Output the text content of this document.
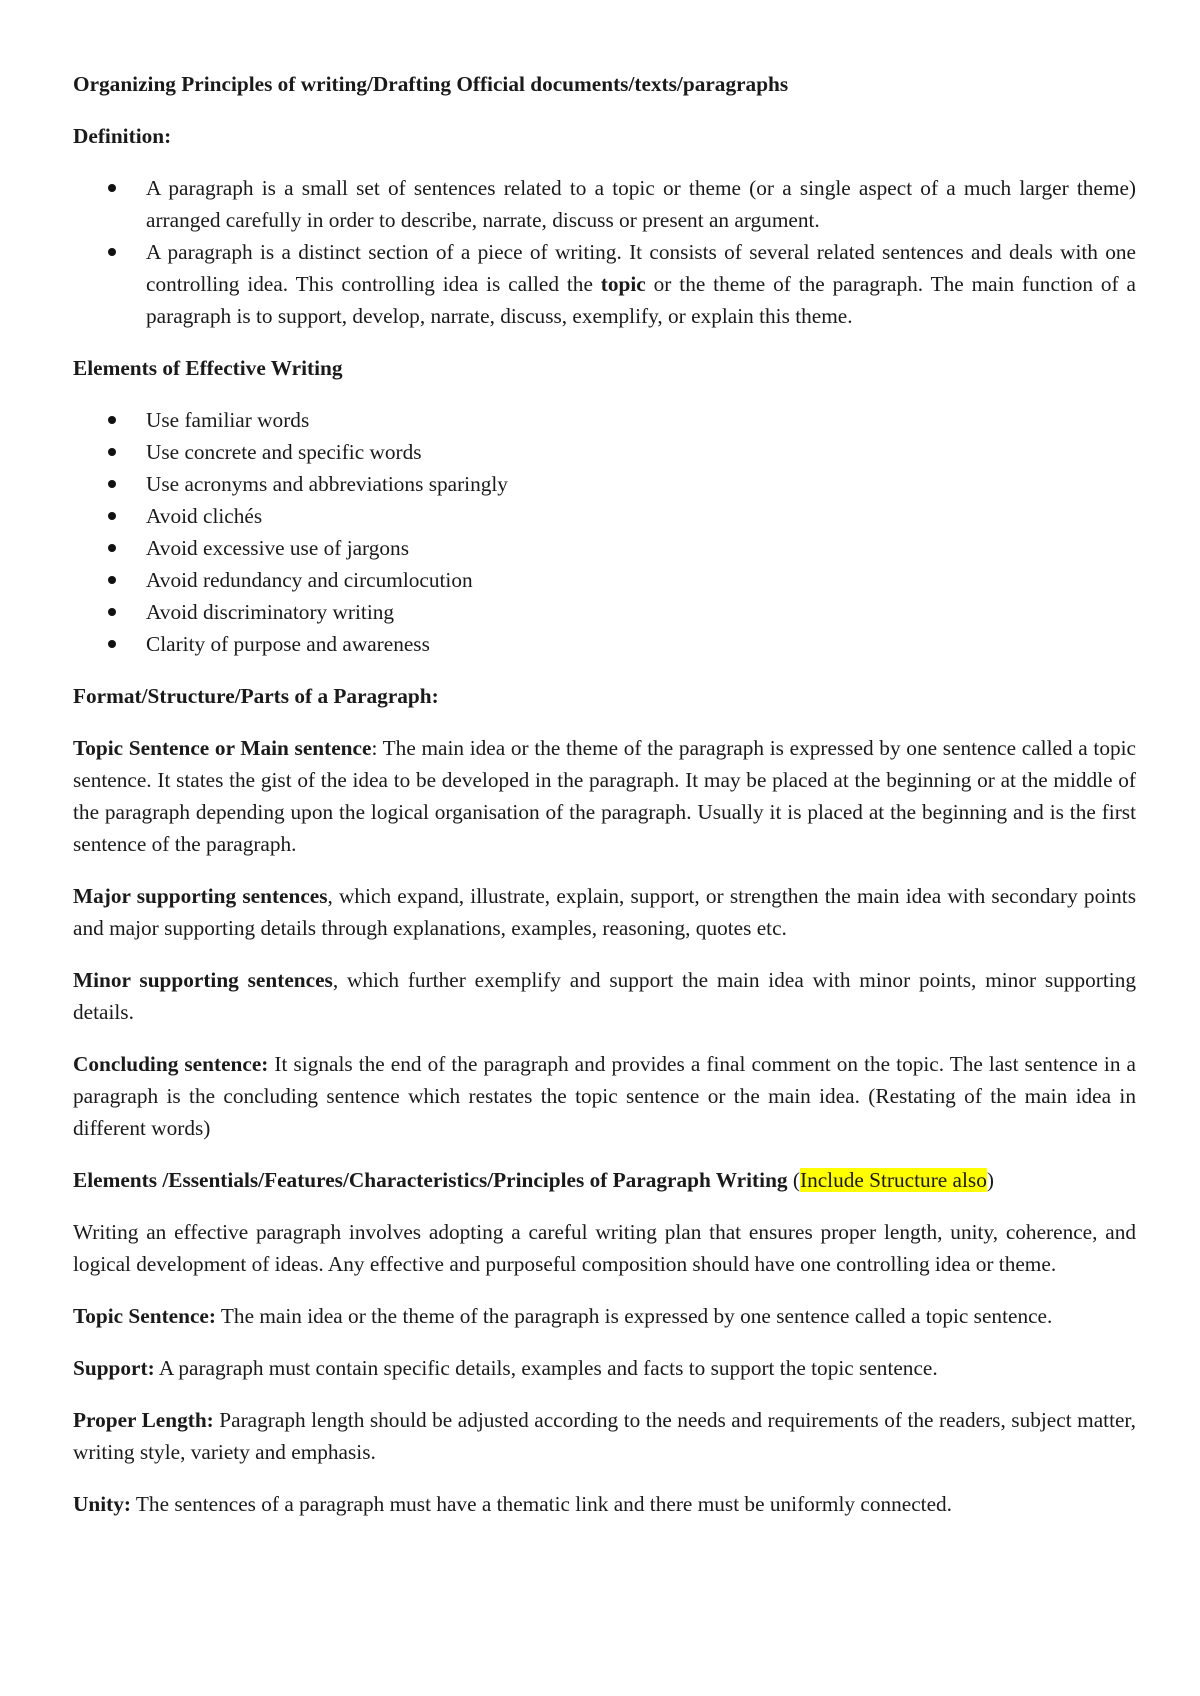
Organizing Principles of writing/Drafting Official documents/texts/paragraphs
Definition:
A paragraph is a small set of sentences related to a topic or theme (or a single aspect of a much larger theme) arranged carefully in order to describe, narrate, discuss or present an argument.
A paragraph is a distinct section of a piece of writing. It consists of several related sentences and deals with one controlling idea. This controlling idea is called the topic or the theme of the paragraph. The main function of a paragraph is to support, develop, narrate, discuss, exemplify, or explain this theme.
Elements of Effective Writing
Use familiar words
Use concrete and specific words
Use acronyms and abbreviations sparingly
Avoid clichés
Avoid excessive use of jargons
Avoid redundancy and circumlocution
Avoid discriminatory writing
Clarity of purpose and awareness
Format/Structure/Parts of a Paragraph:

Topic Sentence or Main sentence: The main idea or the theme of the paragraph is expressed by one sentence called a topic sentence. It states the gist of the idea to be developed in the paragraph. It may be placed at the beginning or at the middle of the paragraph depending upon the logical organisation of the paragraph. Usually it is placed at the beginning and is the first sentence of the paragraph.

Major supporting sentences, which expand, illustrate, explain, support, or strengthen the main idea with secondary points and major supporting details through explanations, examples, reasoning, quotes etc.

Minor supporting sentences, which further exemplify and support the main idea with minor points, minor supporting details.

Concluding sentence: It signals the end of the paragraph and provides a final comment on the topic. The last sentence in a paragraph is the concluding sentence which restates the topic sentence or the main idea. (Restating of the main idea in different words)

Elements /Essentials/Features/Characteristics/Principles of Paragraph Writing (Include Structure also)

Writing an effective paragraph involves adopting a careful writing plan that ensures proper length, unity, coherence, and logical development of ideas. Any effective and purposeful composition should have one controlling idea or theme.

Topic Sentence: The main idea or the theme of the paragraph is expressed by one sentence called a topic sentence.

Support: A paragraph must contain specific details, examples and facts to support the topic sentence.

Proper Length: Paragraph length should be adjusted according to the needs and requirements of the readers, subject matter, writing style, variety and emphasis.

Unity: The sentences of a paragraph must have a thematic link and there must be uniformly connected.
